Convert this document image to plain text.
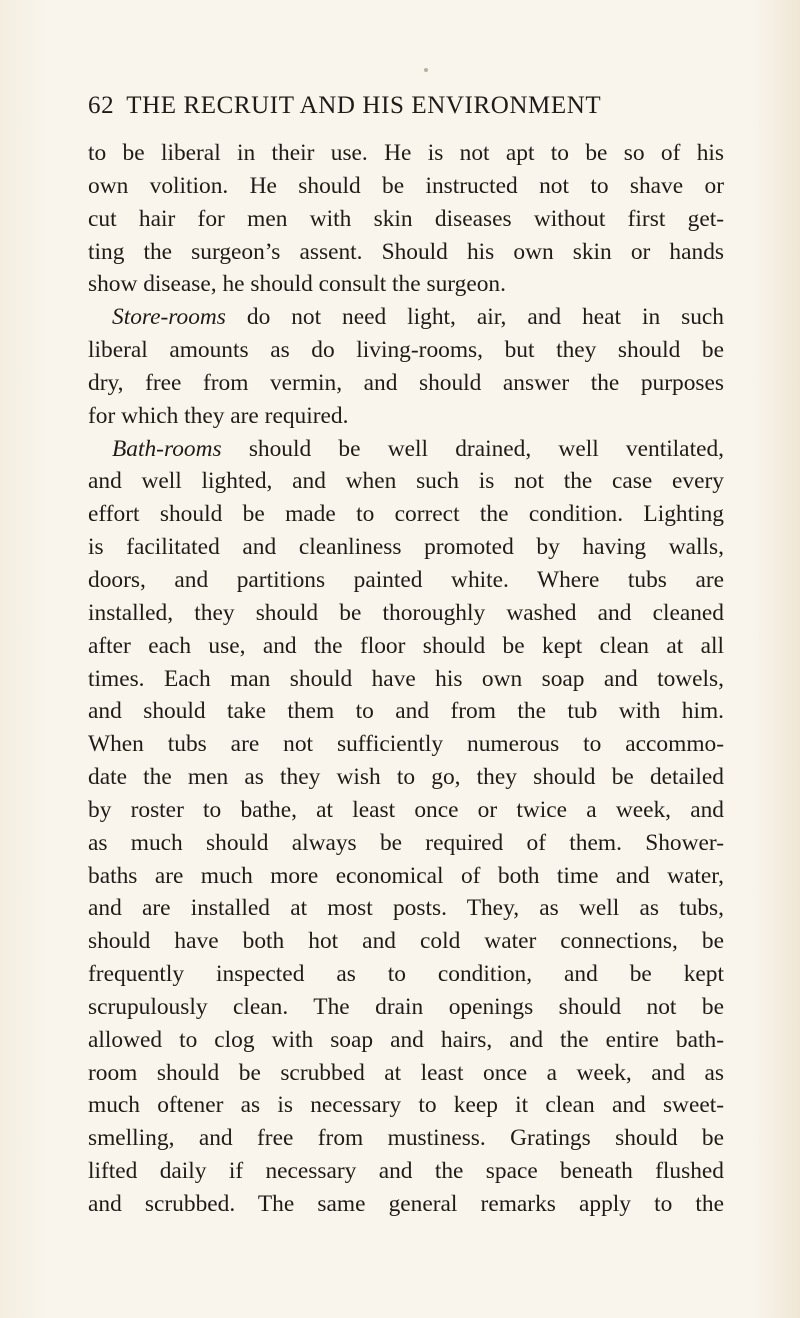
62 THE RECRUIT AND HIS ENVIRONMENT
to be liberal in their use. He is not apt to be so of his
own volition. He should be instructed not to shave or
cut hair for men with skin diseases without first get-
ting the surgeon’s assent. Should his own skin or hands
show disease, he should consult the surgeon.
Store-rooms do not need light, air, and heat in such
liberal amounts as do living-rooms, but they should be
dry, free from vermin, and should answer the purposes
for which they are required.
Bath-rooms should be well drained, well ventilated,
and well lighted, and when such is not the case every
effort should be made to correct the condition. Lighting
is facilitated and cleanliness promoted by having walls,
doors, and partitions painted white. Where tubs are
installed, they should be thoroughly washed and cleaned
after each use, and the floor should be kept clean at all
times. Each man should have his own soap and towels,
and should take them to and from the tub with him.
When tubs are not sufficiently numerous to accommo-
date the men as they wish to go, they should be detailed
by roster to bathe, at least once or twice a week, and
as much should always be required of them. Shower-
baths are much more economical of both time and water,
and are installed at most posts. They, as well as tubs,
should have both hot and cold water connections, be
frequently inspected as to condition, and be kept
scrupulously clean. The drain openings should not be
allowed to clog with soap and hairs, and the entire bath-
room should be scrubbed at least once a week, and as
much oftener as is necessary to keep it clean and sweet-
smelling, and free from mustiness. Gratings should be
lifted daily if necessary and the space beneath flushed
and scrubbed. The same general remarks apply to the
